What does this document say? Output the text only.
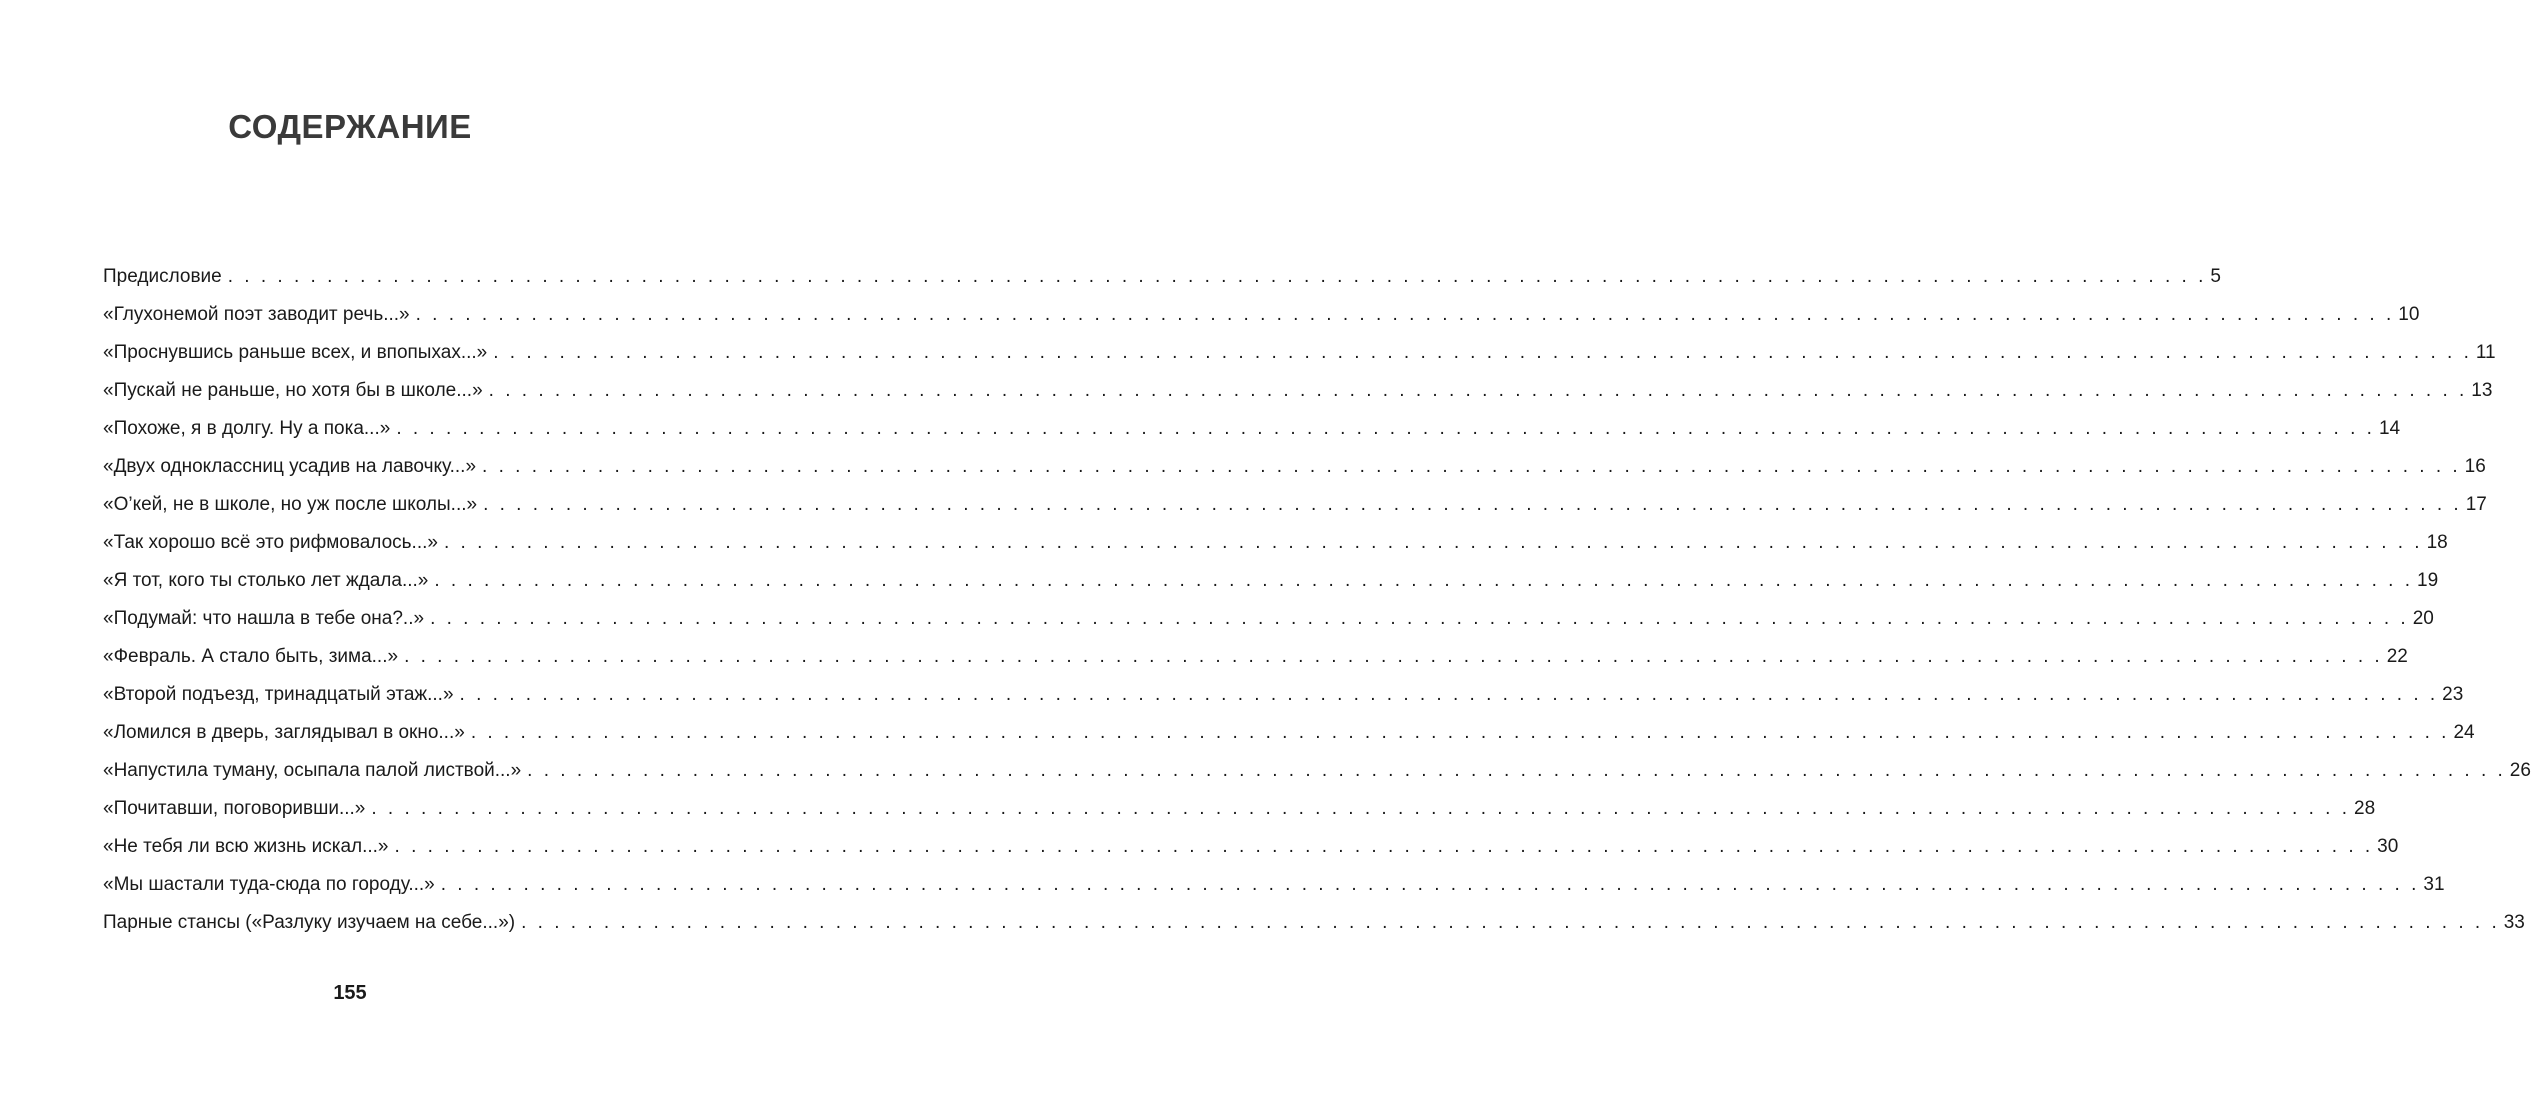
СОДЕРЖАНИЕ
Предисловие . . . . . . . . . . . . . . . . . . . . . . . . . . . . . . . . . . . . . . . . . . . . . . . . . . . . . . . . . . . . . . . . . . . . . . . . . . . . . . . . . . . . . . . . . . . . . . . . . . . . . . . . . . . . . . . . . . . . . . . . 5
«Глухонемой поэт заводит речь...» . . . . . . . . . . . . . . . . . . . . . . . . . . . . . . . . . . . . . . . . . . . . . . . . . . . . . . . . . . . . . . . . . . . . . . . . . . . . . . . . . . . . . . . . . . . . . . . . . . . . . . . . . . . . . . . . . . . . . . . . 10
«Проснувшись раньше всех, и впопыхах...» . . . . . . . . . . . . . . . . . . . . . . . . . . . . . . . . . . . . . . . . . . . . . . . . . . . . . . . . . . . . . . . . . . . . . . . . . . . . . . . . . . . . . . . . . . . . . . . . . . . . . . . . . . . . . . . . . . . . . . . . 11
«Пускай не раньше, но хотя бы в школе...» . . . . . . . . . . . . . . . . . . . . . . . . . . . . . . . . . . . . . . . . . . . . . . . . . . . . . . . . . . . . . . . . . . . . . . . . . . . . . . . . . . . . . . . . . . . . . . . . . . . . . . . . . . . . . . . . . . . . . . . . 13
«Похоже, я в долгу. Ну а пока...» . . . . . . . . . . . . . . . . . . . . . . . . . . . . . . . . . . . . . . . . . . . . . . . . . . . . . . . . . . . . . . . . . . . . . . . . . . . . . . . . . . . . . . . . . . . . . . . . . . . . . . . . . . . . . . . . . . . . . . . . 14
«Двух одноклассниц усадив на лавочку...» . . . . . . . . . . . . . . . . . . . . . . . . . . . . . . . . . . . . . . . . . . . . . . . . . . . . . . . . . . . . . . . . . . . . . . . . . . . . . . . . . . . . . . . . . . . . . . . . . . . . . . . . . . . . . . . . . . . . . . . . 16
«О’кей, не в школе, но уж после школы...» . . . . . . . . . . . . . . . . . . . . . . . . . . . . . . . . . . . . . . . . . . . . . . . . . . . . . . . . . . . . . . . . . . . . . . . . . . . . . . . . . . . . . . . . . . . . . . . . . . . . . . . . . . . . . . . . . . . . . . . . 17
«Так хорошо всё это рифмовалось...» . . . . . . . . . . . . . . . . . . . . . . . . . . . . . . . . . . . . . . . . . . . . . . . . . . . . . . . . . . . . . . . . . . . . . . . . . . . . . . . . . . . . . . . . . . . . . . . . . . . . . . . . . . . . . . . . . . . . . . . . 18
«Я тот, кого ты столько лет ждала...» . . . . . . . . . . . . . . . . . . . . . . . . . . . . . . . . . . . . . . . . . . . . . . . . . . . . . . . . . . . . . . . . . . . . . . . . . . . . . . . . . . . . . . . . . . . . . . . . . . . . . . . . . . . . . . . . . . . . . . . . 19
«Подумай: что нашла в тебе она?..» . . . . . . . . . . . . . . . . . . . . . . . . . . . . . . . . . . . . . . . . . . . . . . . . . . . . . . . . . . . . . . . . . . . . . . . . . . . . . . . . . . . . . . . . . . . . . . . . . . . . . . . . . . . . . . . . . . . . . . . . 20
«Февраль. А стало быть, зима...» . . . . . . . . . . . . . . . . . . . . . . . . . . . . . . . . . . . . . . . . . . . . . . . . . . . . . . . . . . . . . . . . . . . . . . . . . . . . . . . . . . . . . . . . . . . . . . . . . . . . . . . . . . . . . . . . . . . . . . . . 22
«Второй подъезд, тринадцатый этаж...» . . . . . . . . . . . . . . . . . . . . . . . . . . . . . . . . . . . . . . . . . . . . . . . . . . . . . . . . . . . . . . . . . . . . . . . . . . . . . . . . . . . . . . . . . . . . . . . . . . . . . . . . . . . . . . . . . . . . . . . . 23
«Ломился в дверь, заглядывал в окно...» . . . . . . . . . . . . . . . . . . . . . . . . . . . . . . . . . . . . . . . . . . . . . . . . . . . . . . . . . . . . . . . . . . . . . . . . . . . . . . . . . . . . . . . . . . . . . . . . . . . . . . . . . . . . . . . . . . . . . . . . 24
«Напустила туману, осыпала палой листвой...» . . . . . . . . . . . . . . . . . . . . . . . . . . . . . . . . . . . . . . . . . . . . . . . . . . . . . . . . . . . . . . . . . . . . . . . . . . . . . . . . . . . . . . . . . . . . . . . . . . . . . . . . . . . . . . . . . . . . . . . . 26
«Почитавши, поговоривши...» . . . . . . . . . . . . . . . . . . . . . . . . . . . . . . . . . . . . . . . . . . . . . . . . . . . . . . . . . . . . . . . . . . . . . . . . . . . . . . . . . . . . . . . . . . . . . . . . . . . . . . . . . . . . . . . . . . . . . . . . 28
«Не тебя ли всю жизнь искал...» . . . . . . . . . . . . . . . . . . . . . . . . . . . . . . . . . . . . . . . . . . . . . . . . . . . . . . . . . . . . . . . . . . . . . . . . . . . . . . . . . . . . . . . . . . . . . . . . . . . . . . . . . . . . . . . . . . . . . . . . 30
«Мы шастали туда-сюда по городу...» . . . . . . . . . . . . . . . . . . . . . . . . . . . . . . . . . . . . . . . . . . . . . . . . . . . . . . . . . . . . . . . . . . . . . . . . . . . . . . . . . . . . . . . . . . . . . . . . . . . . . . . . . . . . . . . . . . . . . . . . 31
Парные стансы («Разлуку изучаем на себе...») . . . . . . . . . . . . . . . . . . . . . . . . . . . . . . . . . . . . . . . . . . . . . . . . . . . . . . . . . . . . . . . . . . . . . . . . . . . . . . . . . . . . . . . . . . . . . . . . . . . . . . . . . . . . . . . . . . . . . . . . 33
155
